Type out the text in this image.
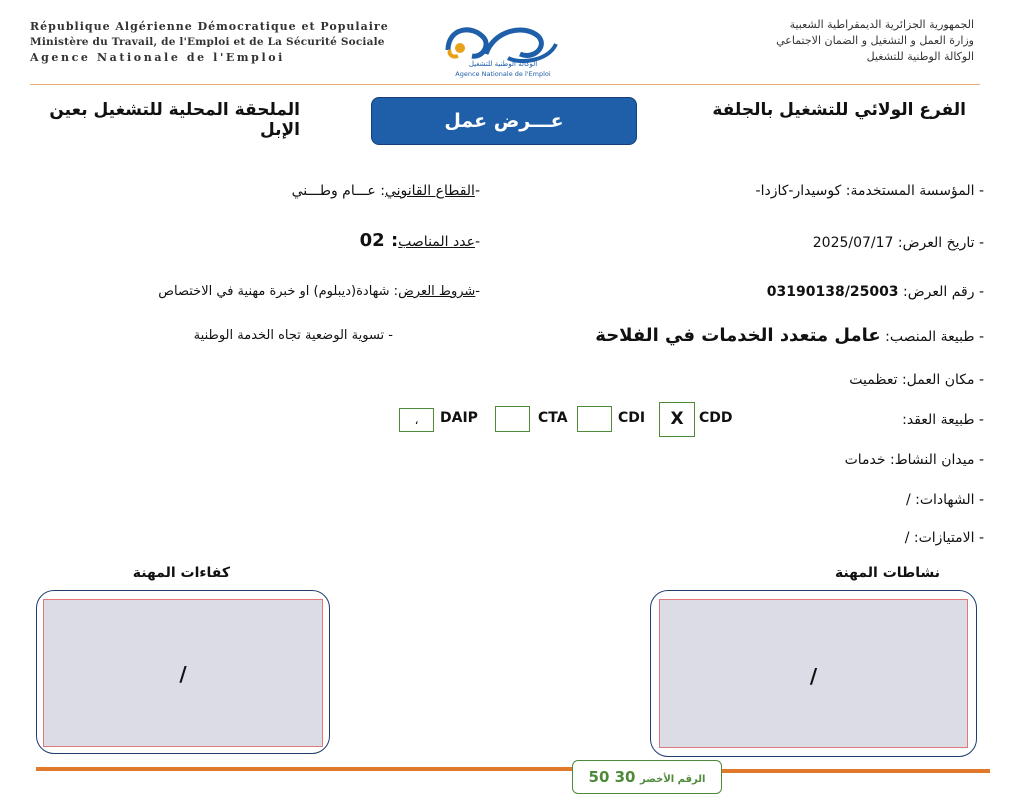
République Algérienne Démocratique et Populaire
Ministère du Travail, de l'Emploi et de La Sécurité Sociale
Agence Nationale de l'Emploi	الوكالة الوطنية للتشغيل
Agence Nationale de l'Emploi
الجمهورية الجزائرية الديمقراطية الشعبية
وزارة العمل و التشغيل و الضمان الاجتماعي
الوكالة الوطنية للتشغيل
الفرع الولائي للتشغيل بالجلفة
الملحقة المحلية للتشغيل بعين الإبل	عـــرض عمل
- المؤسسة المستخدمة: كوسيدار-كازدا-
- تاريخ العرض: 2025/07/17
- رقم العرض: 03190138/25003
- طبيعة المنصب: عامل متعدد الخدمات في الفلاحة
- مكان العمل: تعظميت
- طبيعة العقد:
- ميدان النشاط: خدمات
- الشهادات: /
- الامتيازات: /
-القطاع القانوني: عـــام وطـــني
-عدد المناصب: 02
-شروط العرض: شهادة(ديبلوم) او خبرة مهنية في الاختصاص
- تسوية الوضعية تجاه الخدمة الوطنية
CDD
X
CDI
CTA
DAIP
،
نشاطات المهنة
كفاءات المهنة
/
/
الرقم الأخضر 30 50
